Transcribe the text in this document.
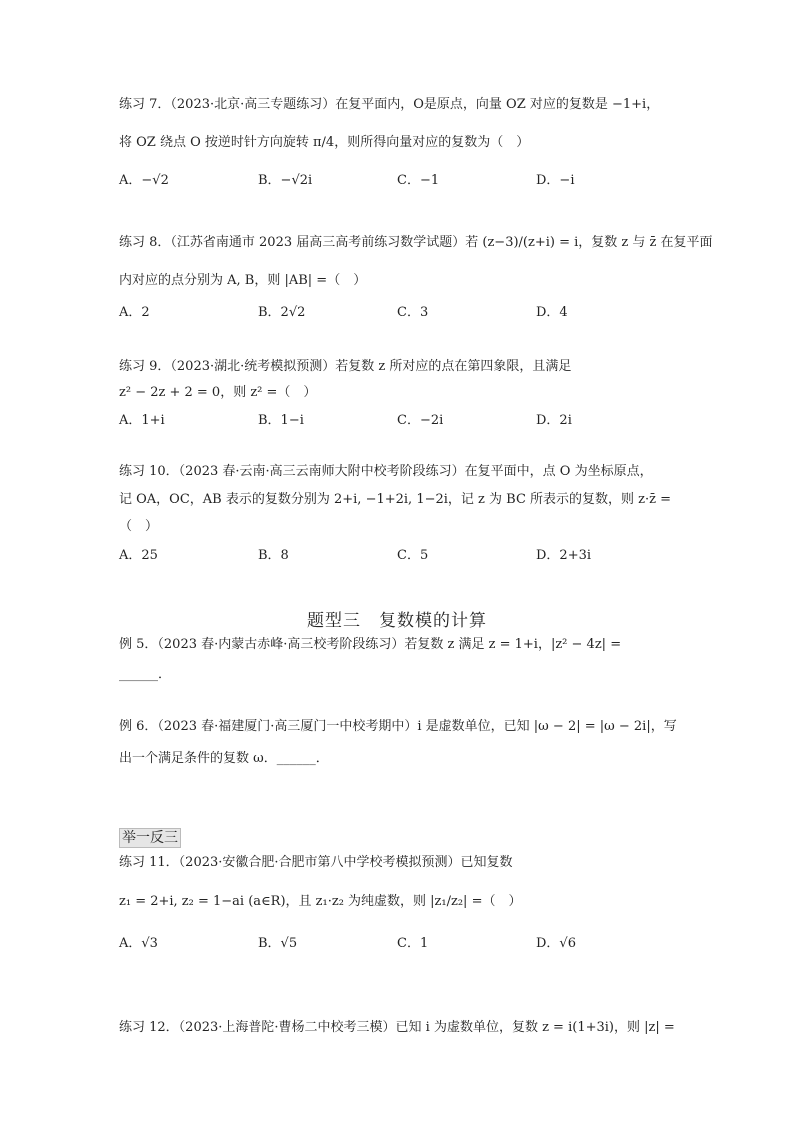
练习 7．（2023·北京·高三专题练习）在复平面内，O是原点，向量 OZ 对应的复数是 −1+i，
将 OZ 绕点 O 按逆时针方向旋转 π/4，则所得向量对应的复数为（　）
A．−√2	B．−√2i	C．−1	D．−i
练习 8．（江苏省南通市 2023 届高三高考前练习数学试题）若 (z−3)/(z+i) = i，复数 z 与 z̄ 在复平面
内对应的点分别为 A, B，则 |AB| =（　）
A．2	B．2√2	C．3	D．4
练习 9．（2023·湖北·统考模拟预测）若复数 z 所对应的点在第四象限，且满足
z² − 2z + 2 = 0，则 z² =（　）
A．1+i	B．1−i	C．−2i	D．2i
练习 10．（2023 春·云南·高三云南师大附中校考阶段练习）在复平面中，点 O 为坐标原点，
记 OA，OC，AB 表示的复数分别为 2+i, −1+2i, 1−2i，记 z 为 BC 所表示的复数，则 z·z̄ =
（　）
A．25	B．8	C．5	D．2+3i
题型三　复数模的计算
例 5．（2023 春·内蒙古赤峰·高三校考阶段练习）若复数 z 满足 z = 1+i，|z² − 4z| =
______．
例 6．（2023 春·福建厦门·高三厦门一中校考期中）i 是虚数单位，已知 |ω − 2| = |ω − 2i|，写
出一个满足条件的复数 ω．______．
举一反三
练习 11．（2023·安徽合肥·合肥市第八中学校考模拟预测）已知复数
z₁ = 2+i, z₂ = 1−ai (a∈R)，且 z₁·z₂ 为纯虚数，则 |z₁/z₂| =（　）
A．√3	B．√5	C．1	D．√6
练习 12．（2023·上海普陀·曹杨二中校考三模）已知 i 为虚数单位，复数 z = i(1+3i)，则 |z| =
